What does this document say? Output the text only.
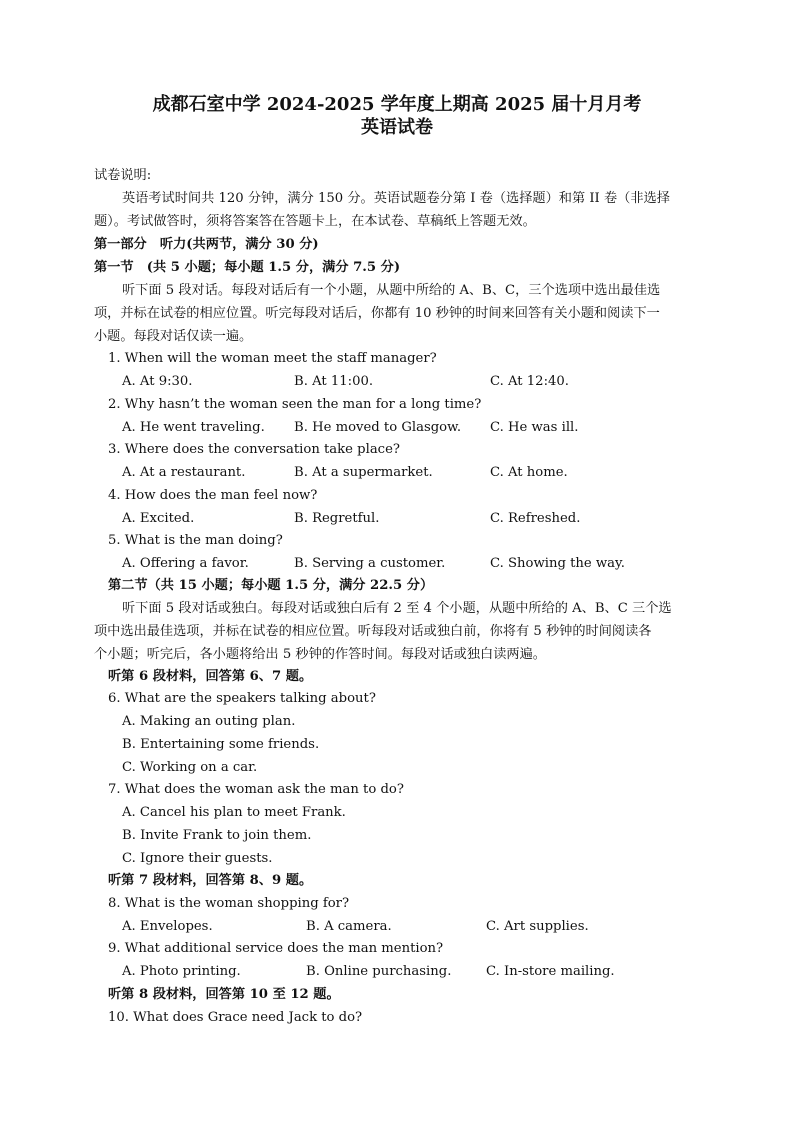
成都石室中学 2024-2025 学年度上期高 2025 届十月月考
英语试卷
试卷说明:
英语考试时间共 120 分钟，满分 150 分。英语试题卷分第 I 卷（选择题）和第 II 卷（非选择
题）。考试做答时，须将答案答在答题卡上，在本试卷、草稿纸上答题无效。
第一部分　听力(共两节，满分 30 分)
第一节　(共 5 小题；每小题 1.5 分，满分 7.5 分)
听下面 5 段对话。每段对话后有一个小题，从题中所给的 A、B、C，三个选项中选出最佳选
项，并标在试卷的相应位置。听完每段对话后，你都有 10 秒钟的时间来回答有关小题和阅读下一
小题。每段对话仅读一遍。
1. When will the woman meet the staff manager?
A. At 9:30.	B. At 11:00.	C. At 12:40.
2. Why hasn’t the woman seen the man for a long time?
A. He went traveling. B. He moved to Glasgow. C. He was ill.
3. Where does the conversation take place?
A. At a restaurant.	B. At a supermarket.	C. At home.
4. How does the man feel now?
A. Excited.	B. Regretful.	C. Refreshed.
5. What is the man doing?
A. Offering a favor.	B. Serving a customer.	C. Showing the way.
第二节（共 15 小题；每小题 1.5 分，满分 22.5 分）
听下面 5 段对话或独白。每段对话或独白后有 2 至 4 个小题，从题中所给的 A、B、C 三个选
项中选出最佳选项，并标在试卷的相应位置。听每段对话或独白前，你将有 5 秒钟的时间阅读各
个小题；听完后，各小题将给出 5 秒钟的作答时间。每段对话或独白读两遍。
听第 6 段材料，回答第 6、7 题。
6. What are the speakers talking about?
A. Making an outing plan.
B. Entertaining some friends.
C. Working on a car.
7. What does the woman ask the man to do?
A. Cancel his plan to meet Frank.
B. Invite Frank to join them.
C. Ignore their guests.
听第 7 段材料，回答第 8、9 题。
8. What is the woman shopping for?
A. Envelopes.	B. A camera.	C. Art supplies.
9. What additional service does the man mention?
A. Photo printing.	B. Online purchasing.	C. In-store mailing.
听第 8 段材料，回答第 10 至 12 题。
10. What does Grace need Jack to do?
